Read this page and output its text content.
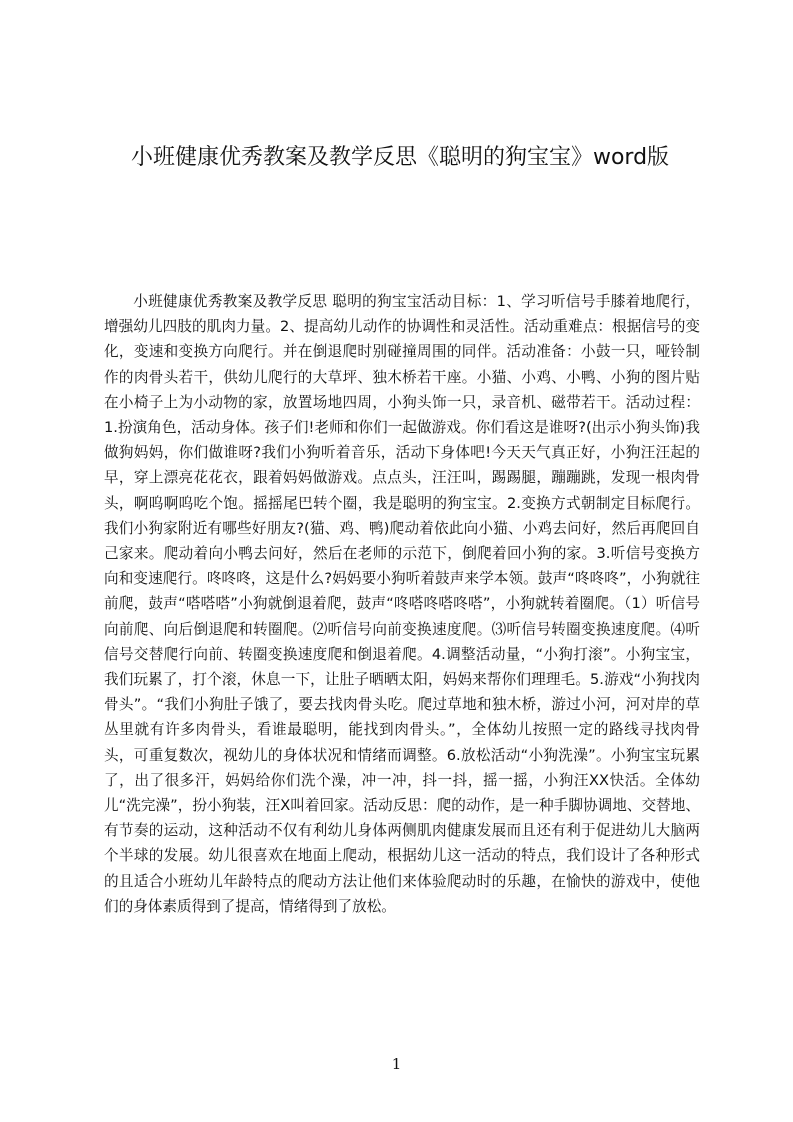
小班健康优秀教案及教学反思《聪明的狗宝宝》word版

小班健康优秀教案及教学反思 聪明的狗宝宝活动目标：1、学习听信号手膝着地爬行，增强幼儿四肢的肌肉力量。2、提高幼儿动作的协调性和灵活性。活动重难点：根据信号的变化，变速和变换方向爬行。并在倒退爬时别碰撞周围的同伴。活动准备：小鼓一只，哑铃制作的肉骨头若干，供幼儿爬行的大草坪、独木桥若干座。小猫、小鸡、小鸭、小狗的图片贴在小椅子上为小动物的家，放置场地四周，小狗头饰一只，录音机、磁带若干。活动过程：1.扮演角色，活动身体。孩子们!老师和你们一起做游戏。你们看这是谁呀?(出示小狗头饰)我做狗妈妈，你们做谁呀?我们小狗听着音乐，活动下身体吧!今天天气真正好，小狗汪汪起的早，穿上漂亮花花衣，跟着妈妈做游戏。点点头，汪汪叫，踢踢腿，蹦蹦跳，发现一根肉骨头，啊呜啊呜吃个饱。摇摇尾巴转个圈，我是聪明的狗宝宝。2.变换方式朝制定目标爬行。我们小狗家附近有哪些好朋友?(猫、鸡、鸭)爬动着依此向小猫、小鸡去问好，然后再爬回自己家来。爬动着向小鸭去问好，然后在老师的示范下，倒爬着回小狗的家。3.听信号变换方向和变速爬行。咚咚咚，这是什么?妈妈要小狗听着鼓声来学本领。鼓声“咚咚咚”，小狗就往前爬，鼓声“嗒嗒嗒”小狗就倒退着爬，鼓声“咚嗒咚嗒咚嗒”，小狗就转着圈爬。（1）听信号向前爬、向后倒退爬和转圈爬。⑵听信号向前变换速度爬。⑶听信号转圈变换速度爬。⑷听信号交替爬行向前、转圈变换速度爬和倒退着爬。4.调整活动量，“小狗打滚”。小狗宝宝，我们玩累了，打个滚，休息一下，让肚子晒晒太阳，妈妈来帮你们理理毛。5.游戏“小狗找肉骨头”。“我们小狗肚子饿了，要去找肉骨头吃。爬过草地和独木桥，游过小河，河对岸的草丛里就有许多肉骨头，看谁最聪明，能找到肉骨头。”，全体幼儿按照一定的路线寻找肉骨头，可重复数次，视幼儿的身体状况和情绪而调整。6.放松活动“小狗洗澡”。小狗宝宝玩累了，出了很多汗，妈妈给你们洗个澡，冲一冲，抖一抖，摇一摇，小狗汪XX快活。全体幼儿“洗完澡”，扮小狗装，汪X叫着回家。活动反思：爬的动作，是一种手脚协调地、交替地、有节奏的运动，这种活动不仅有利幼儿身体两侧肌肉健康发展而且还有利于促进幼儿大脑两个半球的发展。幼儿很喜欢在地面上爬动，根据幼儿这一活动的特点，我们设计了各种形式的且适合小班幼儿年龄特点的爬动方法让他们来体验爬动时的乐趣，在愉快的游戏中，使他们的身体素质得到了提高，情绪得到了放松。

1
